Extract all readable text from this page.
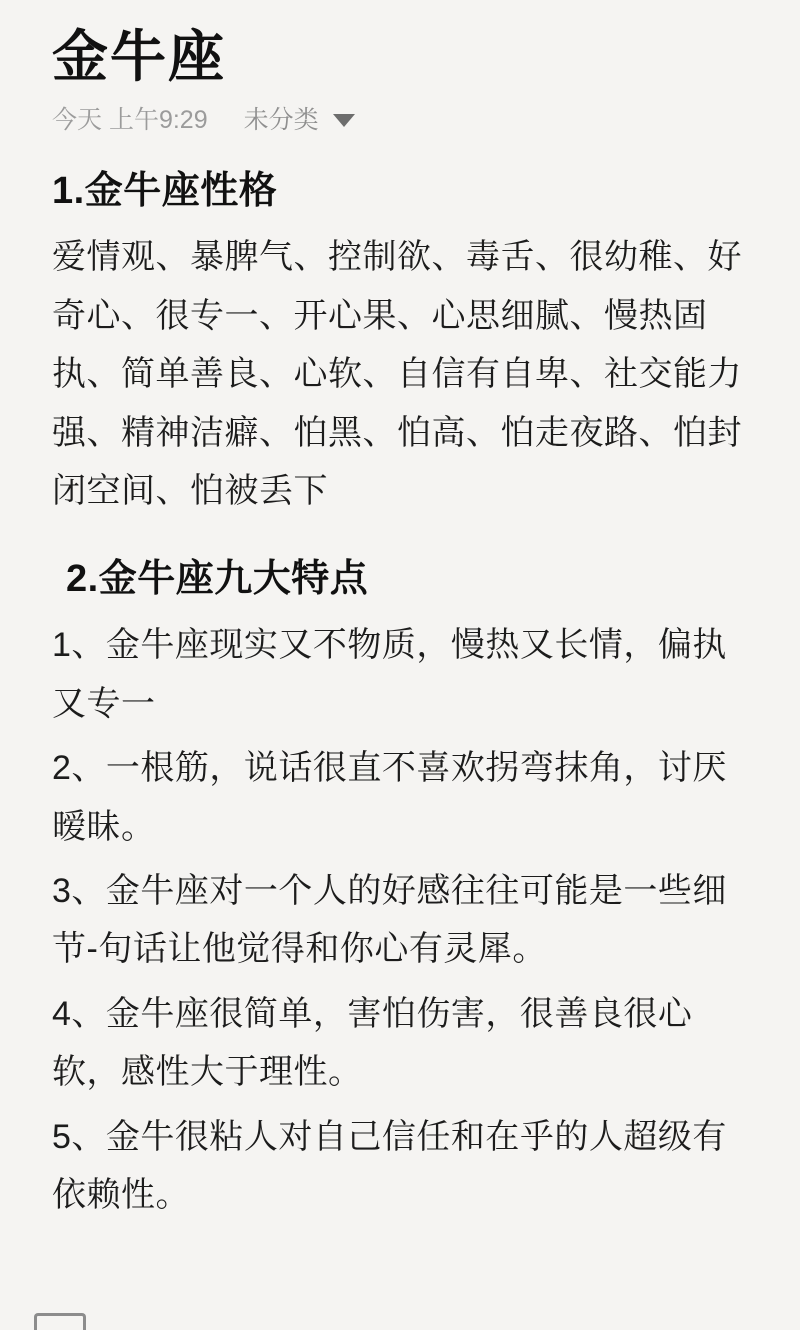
金牛座
今天 上午9:29 未分类
1.金牛座性格

爱情观、暴脾气、控制欲、毒舌、很幼稚、好奇心、很专一、开心果、心思细腻、慢热固执、简单善良、心软、自信有自卑、社交能力强、精神洁癖、怕黑、怕高、怕走夜路、怕封闭空间、怕被丢下

2.金牛座九大特点

1、金牛座现实又不物质，慢热又长情，偏执又专一

2、一根筋，说话很直不喜欢拐弯抹角，讨厌暧昧。

3、金牛座对一个人的好感往往可能是一些细节-句话让他觉得和你心有灵犀。

4、金牛座很简单，害怕伤害，很善良很心软，感性大于理性。

5、金牛很粘人对自己信任和在乎的人超级有依赖性。
